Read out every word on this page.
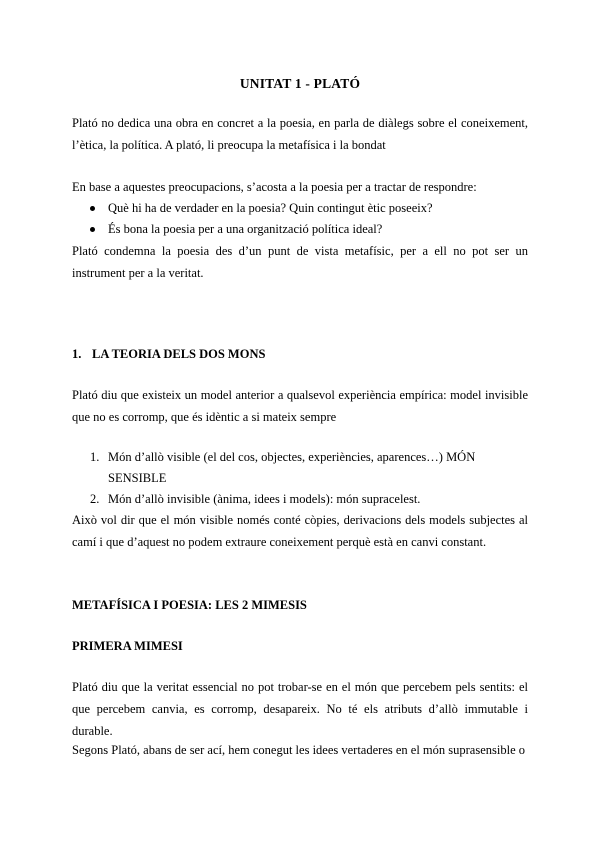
UNITAT 1 - PLATÓ

Plató no dedica una obra en concret a la poesia, en parla de diàlegs sobre el coneixement, l’ètica, la política. A plató, li preocupa la metafísica i la bondat

En base a aquestes preocupacions, s’acosta a la poesia per a tractar de respondre:

Què hi ha de verdader en la poesia? Quin contingut ètic poseeix?
És bona la poesia per a una organització política ideal?

Plató condemna la poesia des d’un punt de vista metafísic, per a ell no pot ser un instrument per a la veritat.

1. LA TEORIA DELS DOS MONS

Plató diu que existeix un model anterior a qualsevol experiència empírica: model invisible que no es corromp, que és idèntic a si mateix sempre

1. Món d’allò visible (el del cos, objectes, experiències, aparences…) MÓN SENSIBLE
2. Món d’allò invisible (ànima, idees i models): món supracelest.

Això vol dir que el món visible només conté còpies, derivacions dels models subjectes al camí i que d’aquest no podem extraure coneixement perquè està en canvi constant.

METAFÍSICA I POESIA: LES 2 MIMESIS

PRIMERA MIMESI

Plató diu que la veritat essencial no pot trobar-se en el món que percebem pels sentits: el que percebem canvia, es corromp, desapareix. No té els atributs d’allò immutable i durable.

Segons Plató, abans de ser ací, hem conegut les idees vertaderes en el món suprasensible o
